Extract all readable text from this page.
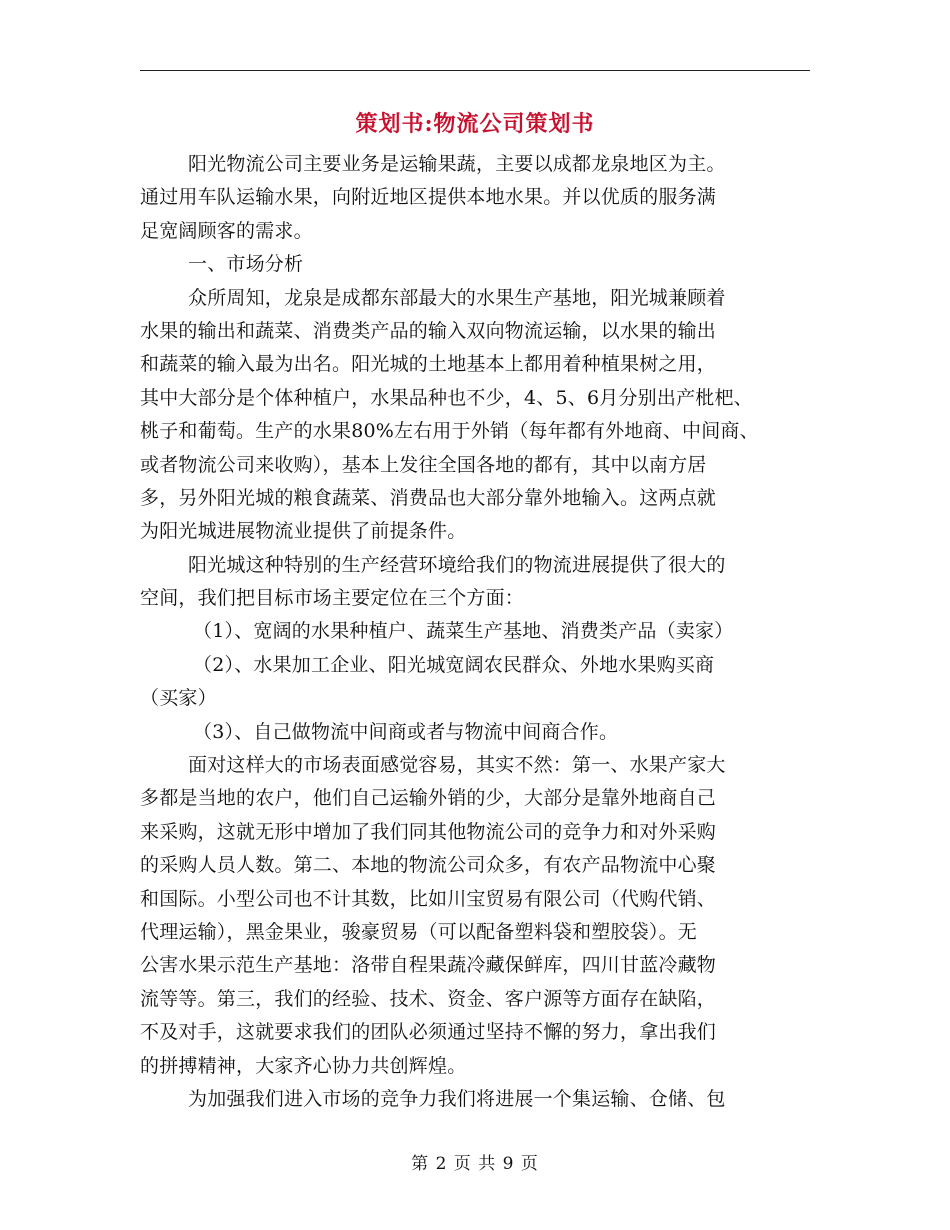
策划书:物流公司策划书
阳光物流公司主要业务是运输果蔬，主要以成都龙泉地区为主。
通过用车队运输水果，向附近地区提供本地水果。并以优质的服务满
足宽阔顾客的需求。
一、市场分析
众所周知，龙泉是成都东部最大的水果生产基地，阳光城兼顾着
水果的输出和蔬菜、消费类产品的输入双向物流运输，以水果的输出
和蔬菜的输入最为出名。阳光城的土地基本上都用着种植果树之用，
其中大部分是个体种植户，水果品种也不少，4、5、6月分别出产枇杷、
桃子和葡萄。生产的水果80%左右用于外销（每年都有外地商、中间商、
或者物流公司来收购），基本上发往全国各地的都有，其中以南方居
多，另外阳光城的粮食蔬菜、消费品也大部分靠外地输入。这两点就
为阳光城进展物流业提供了前提条件。
阳光城这种特别的生产经营环境给我们的物流进展提供了很大的
空间，我们把目标市场主要定位在三个方面：
（1）、宽阔的水果种植户、蔬菜生产基地、消费类产品（卖家）
（2）、水果加工企业、阳光城宽阔农民群众、外地水果购买商
（买家）
（3）、自己做物流中间商或者与物流中间商合作。
面对这样大的市场表面感觉容易，其实不然：第一、水果产家大
多都是当地的农户，他们自己运输外销的少，大部分是靠外地商自己
来采购，这就无形中增加了我们同其他物流公司的竞争力和对外采购
的采购人员人数。第二、本地的物流公司众多，有农产品物流中心聚
和国际。小型公司也不计其数，比如川宝贸易有限公司（代购代销、
代理运输），黑金果业，骏豪贸易（可以配备塑料袋和塑胶袋）。无
公害水果示范生产基地：洛带自程果蔬冷藏保鲜库，四川甘蓝冷藏物
流等等。第三，我们的经验、技术、资金、客户源等方面存在缺陷，
不及对手，这就要求我们的团队必须通过坚持不懈的努力，拿出我们
的拼搏精神，大家齐心协力共创辉煌。
为加强我们进入市场的竞争力我们将进展一个集运输、仓储、包
第 2 页 共 9 页
